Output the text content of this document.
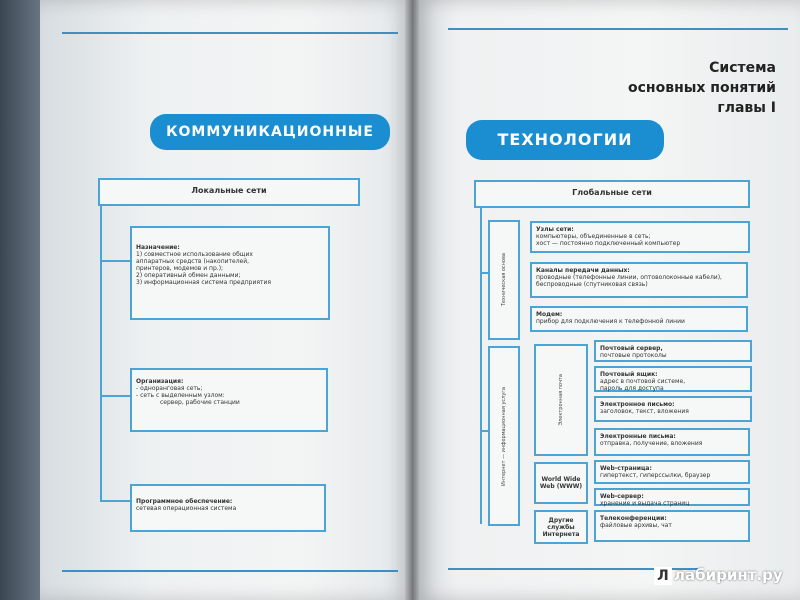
КОММУНИКАЦИОННЫЕ
Локальные сети
Назначение:
1) совместное использование общих
аппаратных средств (накопителей,
принтеров, модемов и пр.);
2) оперативный обмен данными;
3) информационная система предприятия
Организация:
- одноранговая сеть;
- сеть с выделенным узлом:
сервер, рабочие станции
Программное обеспечение:
сетевая операционная система
Система
основных понятий
главы I
ТЕХНОЛОГИИ
Глобальные сети
Техническая основа
Узлы сети:
компьютеры, объединенные в сеть;
хост — постоянно подключенный компьютер
Каналы передачи данных:
проводные (телефонные линии, оптоволоконные кабели),
беспроводные (спутниковая связь)
Модем:
прибор для подключения к телефонной линии
Интернет — информационная услуга	Электронная почта
Почтовый сервер,
почтовые протоколы
Почтовый ящик:
адрес в почтовой системе,
пароль для доступа
Электронное письмо:
заголовок, текст, вложения
Электронные письма:
отправка, получение, вложения
World Wide Web (WWW)
Web-страница:
гипертекст, гиперссылки, браузер
Web-сервер:
хранение и выдача страниц
Другие службы Интернета
Телеконференции:
файловые архивы, чат
Л лабиринт.ру
